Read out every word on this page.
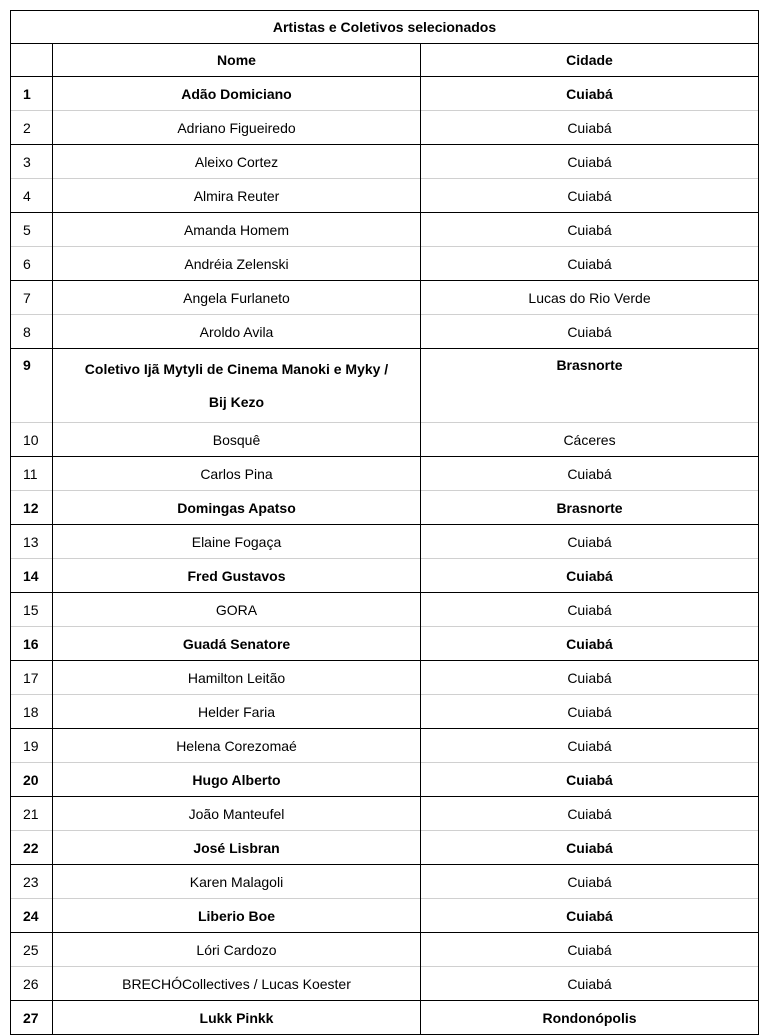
Artistas e Coletivos selecionados		
	Nome	Cidade
1	Adão Domiciano	Cuiabá
2	Adriano Figueiredo	Cuiabá
3	Aleixo Cortez	Cuiabá
4	Almira Reuter	Cuiabá
5	Amanda Homem	Cuiabá
6	Andréia Zelenski	Cuiabá
7	Angela Furlaneto	Lucas do Rio Verde
8	Aroldo Avila	Cuiabá
9	Coletivo Ijã Mytyli de Cinema Manoki e Myky /
Bij Kezo	Brasnorte
10	Bosquê	Cáceres
11	Carlos Pina	Cuiabá
12	Domingas Apatso	Brasnorte
13	Elaine Fogaça	Cuiabá
14	Fred Gustavos	Cuiabá
15	GORA	Cuiabá
16	Guadá Senatore	Cuiabá
17	Hamilton Leitão	Cuiabá
18	Helder Faria	Cuiabá
19	Helena Corezomaé	Cuiabá
20	Hugo Alberto	Cuiabá
21	João Manteufel	Cuiabá
22	José Lisbran	Cuiabá
23	Karen Malagoli	Cuiabá
24	Liberio Boe	Cuiabá
25	Lóri Cardozo	Cuiabá
26	BRECHÓCollectives / Lucas Koester	Cuiabá
27	Lukk Pinkk	Rondonópolis
